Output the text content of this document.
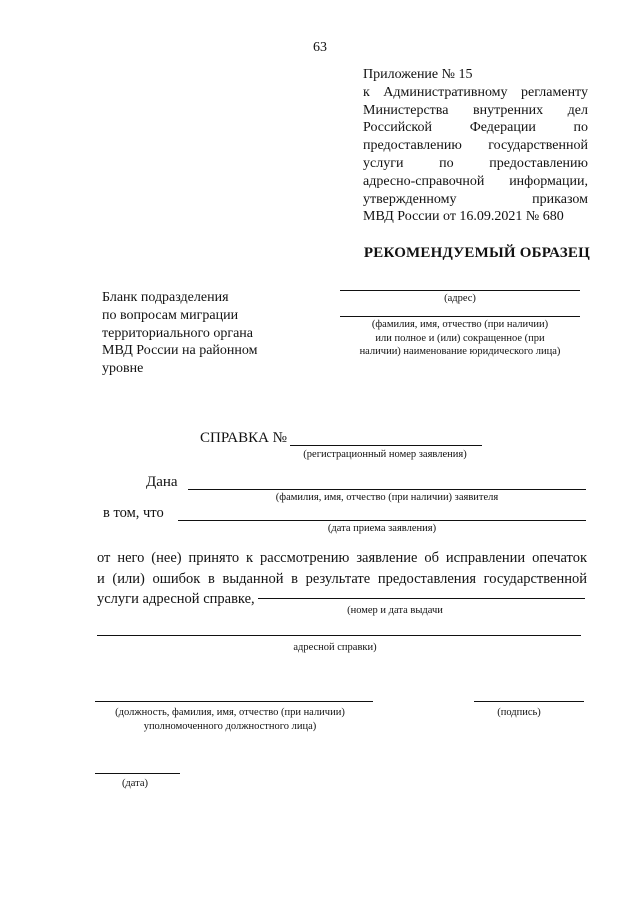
63
Приложение № 15
к Административному регламенту
Министерства внутренних дел
Российской Федерации по
предоставлению государственной
услуги по предоставлению
адресно-справочной информации,
утвержденному приказом
МВД России от 16.09.2021 № 680
РЕКОМЕНДУЕМЫЙ ОБРАЗЕЦ
Бланк подразделения
по вопросам миграции
территориального органа
МВД России на районном
уровне
(адрес)
(фамилия, имя, отчество (при наличии)
или полное и (или) сокращенное (при
наличии) наименование юридического лица)
СПРАВКА №
(регистрационный номер заявления)
Дана
(фамилия, имя, отчество (при наличии) заявителя
в том, что
(дата приема заявления)
от него (нее) принято к рассмотрению заявление об исправлении опечаток
и (или) ошибок в выданной в результате предоставления государственной
услуги адресной справке,
(номер и дата выдачи
адресной справки)
(должность, фамилия, имя, отчество (при наличии)
уполномоченного должностного лица)
(подпись)
(дата)
